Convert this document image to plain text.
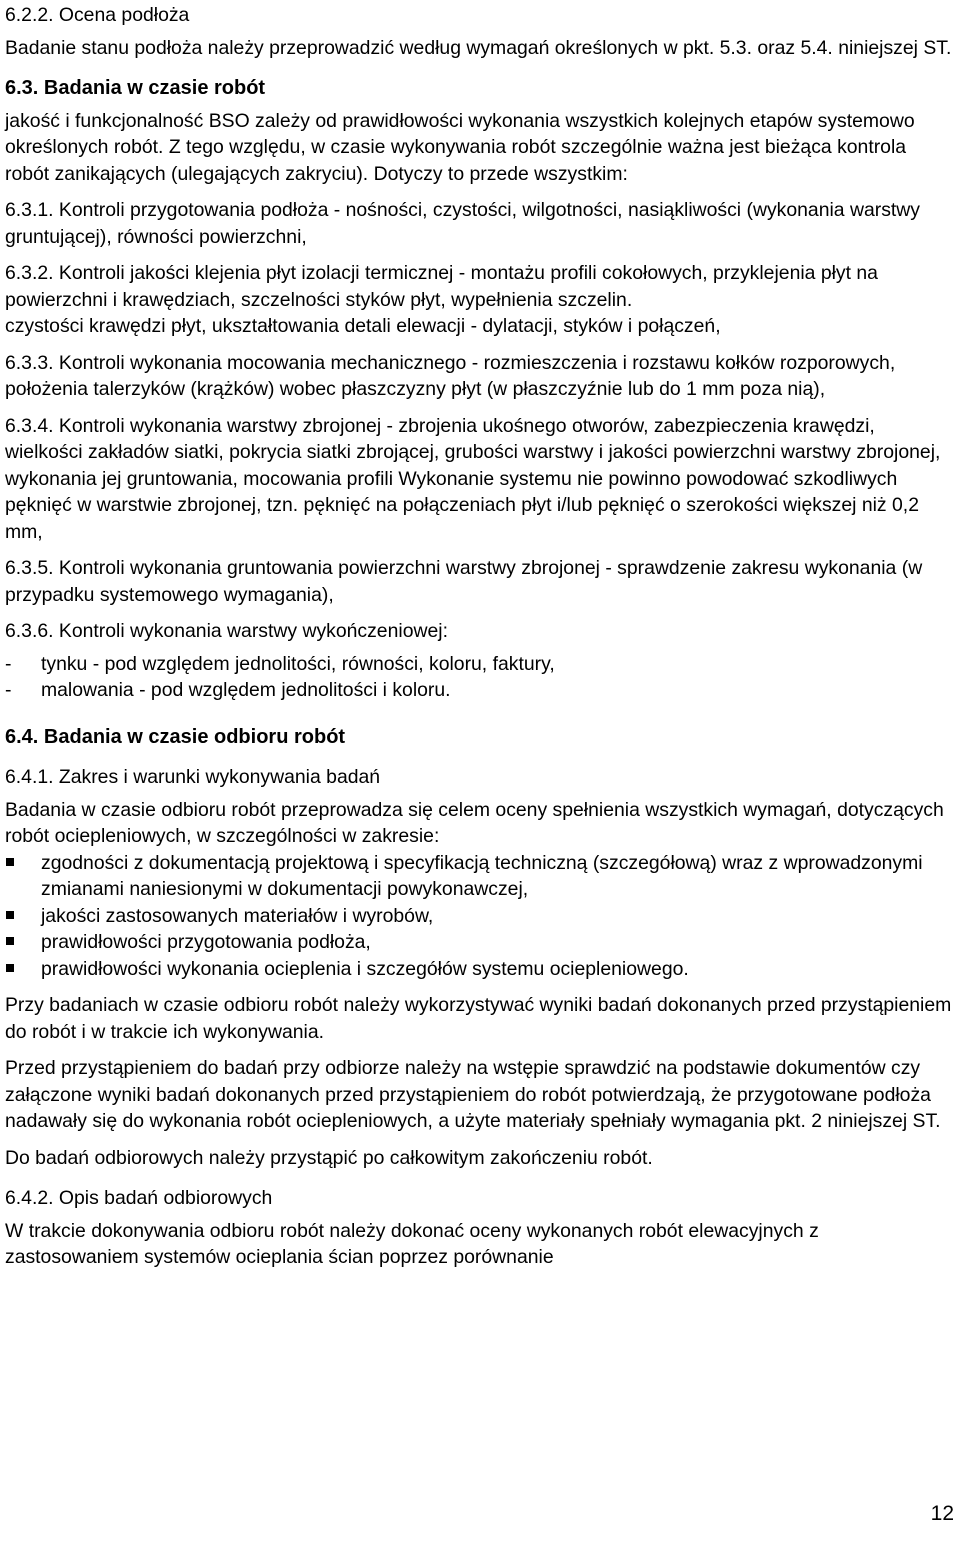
6.2.2. Ocena podłoża

Badanie stanu podłoża należy przeprowadzić według wymagań określonych w pkt. 5.3. oraz 5.4. niniejszej ST.

6.3. Badania w czasie robót

jakość i funkcjonalność BSO zależy od prawidłowości wykonania wszystkich kolejnych etapów systemowo określonych robót. Z tego względu, w czasie wykonywania robót szczególnie ważna jest bieżąca kontrola robót zanikających (ulegających zakryciu). Dotyczy to przede wszystkim:

6.3.1. Kontroli przygotowania podłoża - nośności, czystości, wilgotności, nasiąkliwości (wykonania warstwy gruntującej), równości powierzchni,

6.3.2. Kontroli jakości klejenia płyt izolacji termicznej - montażu profili cokołowych, przyklejenia płyt na powierzchni i krawędziach, szczelności styków płyt, wypełnienia szczelin.

czystości krawędzi płyt, ukształtowania detali elewacji - dylatacji, styków i połączeń,

6.3.3. Kontroli wykonania mocowania mechanicznego - rozmieszczenia i rozstawu kołków rozporowych, położenia talerzyków (krążków) wobec płaszczyzny płyt (w płaszczyźnie lub do 1 mm poza nią),

6.3.4. Kontroli wykonania warstwy zbrojonej - zbrojenia ukośnego otworów, zabezpieczenia krawędzi, wielkości zakładów siatki, pokrycia siatki zbrojącej, grubości warstwy i jakości powierzchni warstwy zbrojonej, wykonania jej gruntowania, mocowania profili Wykonanie systemu nie powinno powodować szkodliwych pęknięć w warstwie zbrojonej, tzn. pęknięć na połączeniach płyt i/lub pęknięć o szerokości większej niż 0,2 mm,

6.3.5. Kontroli wykonania gruntowania powierzchni warstwy zbrojonej - sprawdzenie zakresu wykonania (w przypadku systemowego wymagania),

6.3.6. Kontroli wykonania warstwy wykończeniowej:

-	tynku - pod względem jednolitości, równości, koloru, faktury,
-	malowania - pod względem jednolitości i koloru.

6.4. Badania w czasie odbioru robót

6.4.1. Zakres i warunki wykonywania badań

Badania w czasie odbioru robót przeprowadza się celem oceny spełnienia wszystkich wymagań, dotyczących robót ociepleniowych, w szczególności w zakresie:

zgodności z dokumentacją projektową i specyfikacją techniczną (szczegółową) wraz z wprowadzonymi zmianami naniesionymi w dokumentacji powykonawczej,
jakości zastosowanych materiałów i wyrobów,
prawidłowości przygotowania podłoża,
prawidłowości wykonania ocieplenia i szczegółów systemu ociepleniowego.

Przy badaniach w czasie odbioru robót należy wykorzystywać wyniki badań dokonanych przed przystąpieniem do robót i w trakcie ich wykonywania.

Przed przystąpieniem do badań przy odbiorze należy na wstępie sprawdzić na podstawie dokumentów czy załączone wyniki badań dokonanych przed przystąpieniem do robót potwierdzają, że przygotowane podłoża nadawały się do wykonania robót ociepleniowych, a użyte materiały spełniały wymagania pkt. 2 niniejszej ST.

Do badań odbiorowych należy przystąpić po całkowitym zakończeniu robót.

6.4.2. Opis badań odbiorowych

W trakcie dokonywania odbioru robót należy dokonać oceny wykonanych robót elewacyjnych z zastosowaniem systemów ocieplania ścian poprzez porównanie

12
